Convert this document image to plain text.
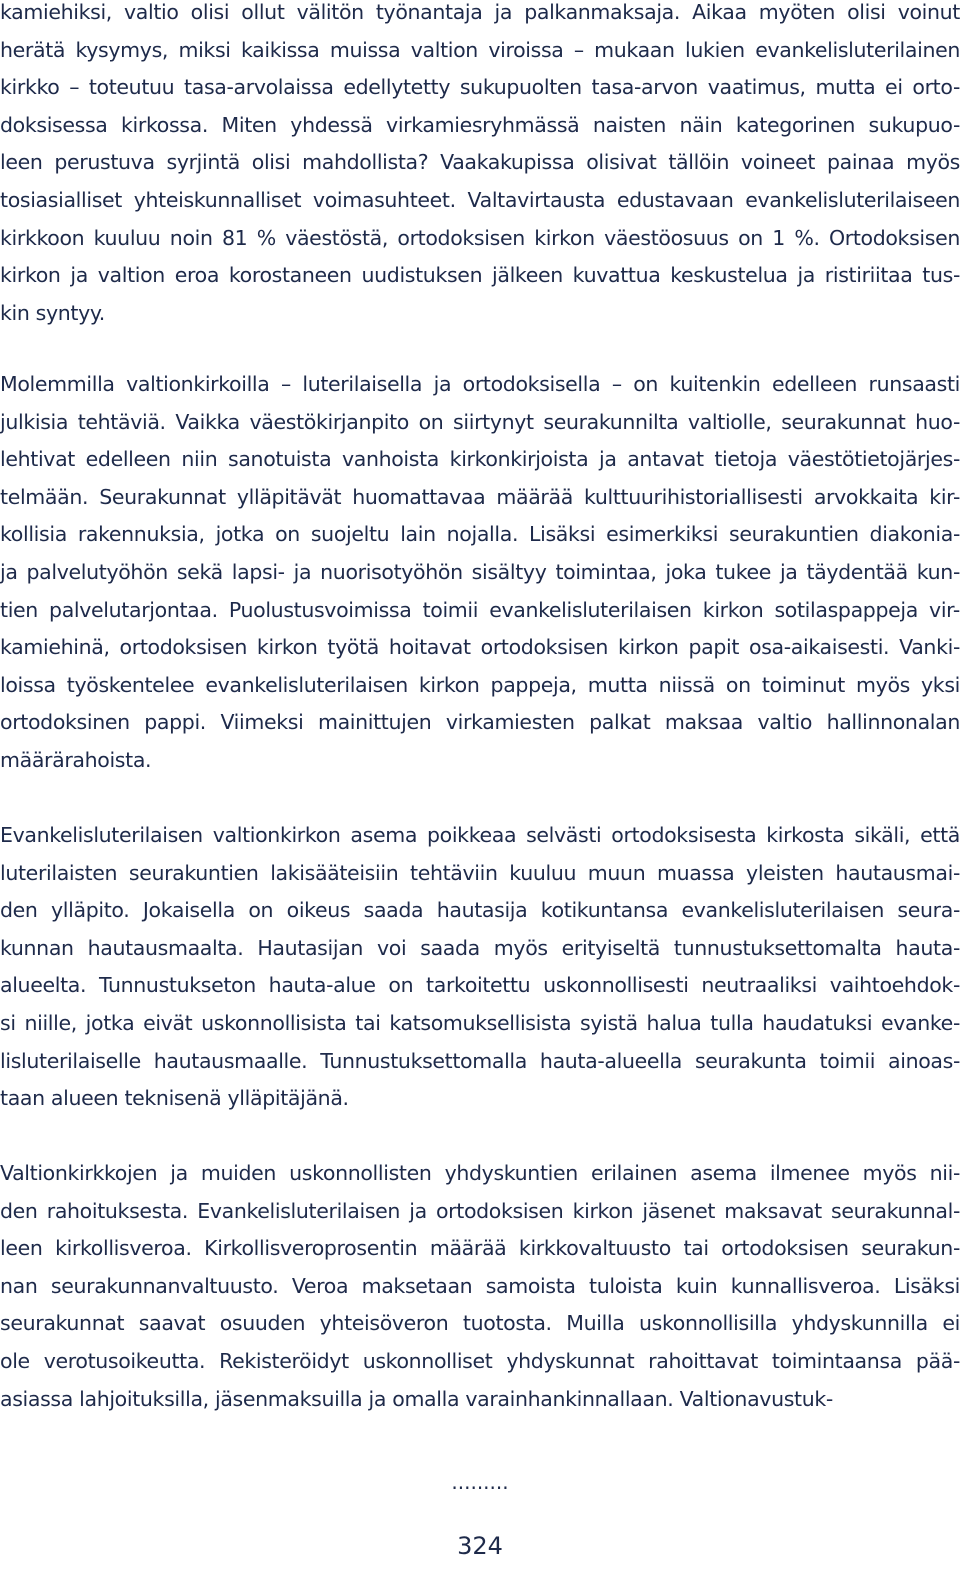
kamiehiksi, valtio olisi ollut välitön työnantaja ja palkanmaksaja. Aikaa myöten olisi voinut
herätä kysymys, miksi kaikissa muissa valtion viroissa – mukaan lukien evankelisluterilainen
kirkko – toteutuu tasa-arvolaissa edellytetty sukupuolten tasa-arvon vaatimus, mutta ei orto-
doksisessa kirkossa. Miten yhdessä virkamiesryhmässä naisten näin kategorinen sukupuo-
leen perustuva syrjintä olisi mahdollista? Vaakakupissa olisivat tällöin voineet painaa myös
tosiasialliset yhteiskunnalliset voimasuhteet. Valtavirtausta edustavaan evankelisluterilaiseen
kirkkoon kuuluu noin 81 % väestöstä, ortodoksisen kirkon väestöosuus on 1 %. Ortodoksisen
kirkon ja valtion eroa korostaneen uudistuksen jälkeen kuvattua keskustelua ja ristiriitaa tus-
kin syntyy.
Molemmilla valtionkirkoilla – luterilaisella ja ortodoksisella – on kuitenkin edelleen runsaasti
julkisia tehtäviä. Vaikka väestökirjanpito on siirtynyt seurakunnilta valtiolle, seurakunnat huo-
lehtivat edelleen niin sanotuista vanhoista kirkonkirjoista ja antavat tietoja väestötietojärjes-
telmään. Seurakunnat ylläpitävät huomattavaa määrää kulttuurihistoriallisesti arvokkaita kir-
kollisia rakennuksia, jotka on suojeltu lain nojalla. Lisäksi esimerkiksi seurakuntien diakonia-
ja palvelutyöhön sekä lapsi- ja nuorisotyöhön sisältyy toimintaa, joka tukee ja täydentää kun-
tien palvelutarjontaa. Puolustusvoimissa toimii evankelisluterilaisen kirkon sotilaspappeja vir-
kamiehinä, ortodoksisen kirkon työtä hoitavat ortodoksisen kirkon papit osa-aikaisesti. Vanki-
loissa työskentelee evankelisluterilaisen kirkon pappeja, mutta niissä on toiminut myös yksi
ortodoksinen pappi. Viimeksi mainittujen virkamiesten palkat maksaa valtio hallinnonalan
määrärahoista.
Evankelisluterilaisen valtionkirkon asema poikkeaa selvästi ortodoksisesta kirkosta sikäli, että
luterilaisten seurakuntien lakisääteisiin tehtäviin kuuluu muun muassa yleisten hautausmai-
den ylläpito. Jokaisella on oikeus saada hautasija kotikuntansa evankelisluterilaisen seura-
kunnan hautausmaalta. Hautasijan voi saada myös erityiseltä tunnustuksettomalta hauta-
alueelta. Tunnustukseton hauta-alue on tarkoitettu uskonnollisesti neutraaliksi vaihtoehdok-
si niille, jotka eivät uskonnollisista tai katsomuksellisista syistä halua tulla haudatuksi evanke-
lisluterilaiselle hautausmaalle. Tunnustuksettomalla hauta-alueella seurakunta toimii ainoas-
taan alueen teknisenä ylläpitäjänä.
Valtionkirkkojen ja muiden uskonnollisten yhdyskuntien erilainen asema ilmenee myös nii-
den rahoituksesta. Evankelisluterilaisen ja ortodoksisen kirkon jäsenet maksavat seurakunnal-
leen kirkollisveroa. Kirkollisveroprosentin määrää kirkkovaltuusto tai ortodoksisen seurakun-
nan seurakunnanvaltuusto. Veroa maksetaan samoista tuloista kuin kunnallisveroa. Lisäksi
seurakunnat saavat osuuden yhteisöveron tuotosta. Muilla uskonnollisilla yhdyskunnilla ei
ole verotusoikeutta. Rekisteröidyt uskonnolliset yhdyskunnat rahoittavat toimintaansa pää-
asiassa lahjoituksilla, jäsenmaksuilla ja omalla varainhankinnallaan. Valtionavustuk-
.........
324
